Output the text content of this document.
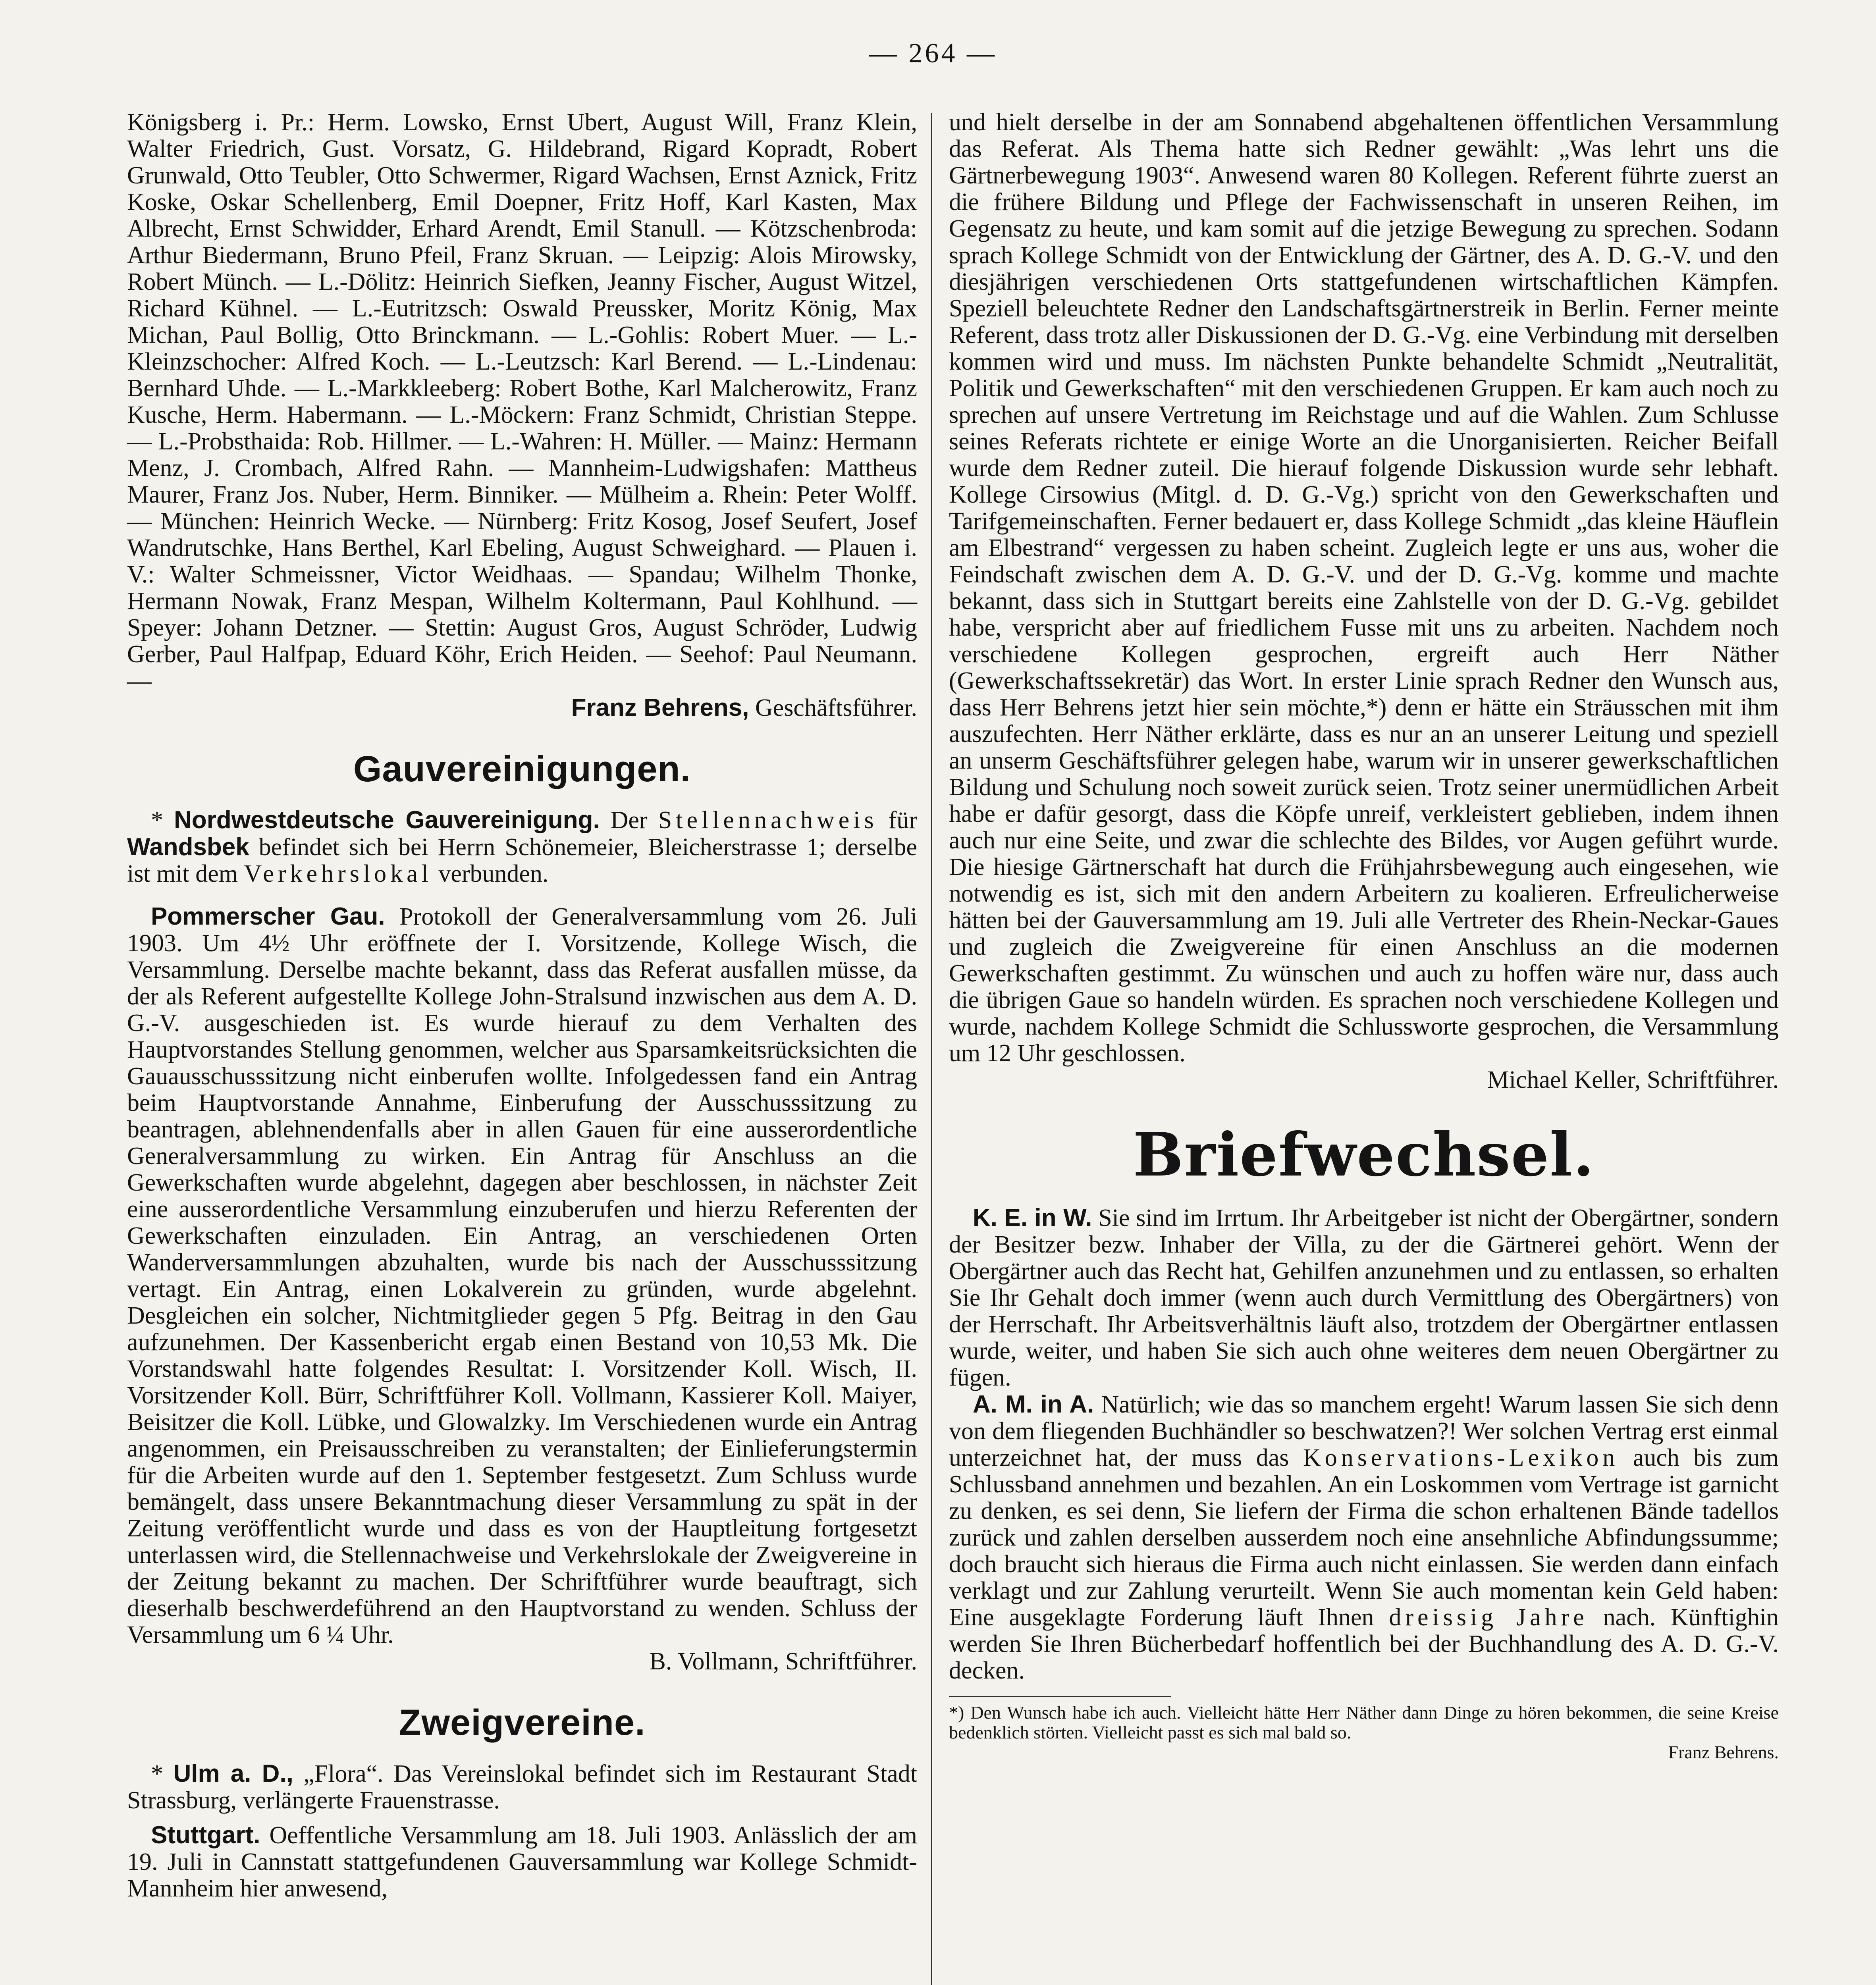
— 264 —

Königsberg i. Pr.: Herm. Lowsko, Ernst Ubert, August Will, Franz Klein, Walter Friedrich, Gust. Vorsatz, G. Hildebrand, Rigard Kopradt, Robert Grunwald, Otto Teubler, Otto Schwermer, Rigard Wachsen, Ernst Aznick, Fritz Koske, Oskar Schellenberg, Emil Doepner, Fritz Hoff, Karl Kasten, Max Albrecht, Ernst Schwidder, Erhard Arendt, Emil Stanull. — Kötzschenbroda: Arthur Biedermann, Bruno Pfeil, Franz Skruan. — Leipzig: Alois Mirowsky, Robert Münch. — L.-Dölitz: Heinrich Siefken, Jeanny Fischer, August Witzel, Richard Kühnel. — L.-Eutritzsch: Oswald Preussker, Moritz König, Max Michan, Paul Bollig, Otto Brinckmann. — L.-Gohlis: Robert Muer. — L.-Kleinzschocher: Alfred Koch. — L.-Leutzsch: Karl Berend. — L.-Lindenau: Bernhard Uhde. — L.-Markkleeberg: Robert Bothe, Karl Malcherowitz, Franz Kusche, Herm. Habermann. — L.-Möckern: Franz Schmidt, Christian Steppe. — L.-Probsthaida: Rob. Hillmer. — L.-Wahren: H. Müller. — Mainz: Hermann Menz, J. Crombach, Alfred Rahn. — Mannheim-Ludwigshafen: Mattheus Maurer, Franz Jos. Nuber, Herm. Binniker. — Mülheim a. Rhein: Peter Wolff. — München: Heinrich Wecke. — Nürnberg: Fritz Kosog, Josef Seufert, Josef Wandrutschke, Hans Berthel, Karl Ebeling, August Schweighard. — Plauen i. V.: Walter Schmeissner, Victor Weidhaas. — Spandau; Wilhelm Thonke, Hermann Nowak, Franz Mespan, Wilhelm Koltermann, Paul Kohlhund. — Speyer: Johann Detzner. — Stettin: August Gros, August Schröder, Ludwig Gerber, Paul Halfpap, Eduard Köhr, Erich Heiden. — Seehof: Paul Neumann. —

Franz Behrens, Geschäftsführer.

Gauvereinigungen.

* Nordwestdeutsche Gauvereinigung. Der Stellennachweis für Wandsbek befindet sich bei Herrn Schönemeier, Bleicherstrasse 1; derselbe ist mit dem Verkehrslokal verbunden.

Pommerscher Gau. Protokoll der Generalversammlung vom 26. Juli 1903. Um 4½ Uhr eröffnete der I. Vorsitzende, Kollege Wisch, die Versammlung. Derselbe machte bekannt, dass das Referat ausfallen müsse, da der als Referent aufgestellte Kollege John-Stralsund inzwischen aus dem A. D. G.-V. ausgeschieden ist. Es wurde hierauf zu dem Verhalten des Hauptvorstandes Stellung genommen, welcher aus Sparsamkeitsrücksichten die Gauausschusssitzung nicht einberufen wollte. Infolgedessen fand ein Antrag beim Hauptvorstande Annahme, Einberufung der Ausschusssitzung zu beantragen, ablehnendenfalls aber in allen Gauen für eine ausserordentliche Generalversammlung zu wirken. Ein Antrag für Anschluss an die Gewerkschaften wurde abgelehnt, dagegen aber beschlossen, in nächster Zeit eine ausserordentliche Versammlung einzuberufen und hierzu Referenten der Gewerkschaften einzuladen. Ein Antrag, an verschiedenen Orten Wanderversammlungen abzuhalten, wurde bis nach der Ausschusssitzung vertagt. Ein Antrag, einen Lokalverein zu gründen, wurde abgelehnt. Desgleichen ein solcher, Nichtmitglieder gegen 5 Pfg. Beitrag in den Gau aufzunehmen. Der Kassenbericht ergab einen Bestand von 10,53 Mk. Die Vorstandswahl hatte folgendes Resultat: I. Vorsitzender Koll. Wisch, II. Vorsitzender Koll. Bürr, Schriftführer Koll. Vollmann, Kassierer Koll. Maiyer, Beisitzer die Koll. Lübke, und Glowalzky. Im Verschiedenen wurde ein Antrag angenommen, ein Preisausschreiben zu veranstalten; der Einlieferungstermin für die Arbeiten wurde auf den 1. September festgesetzt. Zum Schluss wurde bemängelt, dass unsere Bekanntmachung dieser Versammlung zu spät in der Zeitung veröffentlicht wurde und dass es von der Hauptleitung fortgesetzt unterlassen wird, die Stellennachweise und Verkehrslokale der Zweigvereine in der Zeitung bekannt zu machen. Der Schriftführer wurde beauftragt, sich dieserhalb beschwerdeführend an den Hauptvorstand zu wenden. Schluss der Versammlung um 6 ¼ Uhr.

B. Vollmann, Schriftführer.

Zweigvereine.

* Ulm a. D., „Flora“. Das Vereinslokal befindet sich im Restaurant Stadt Strassburg, verlängerte Frauenstrasse.

Stuttgart. Oeffentliche Versammlung am 18. Juli 1903. Anlässlich der am 19. Juli in Cannstatt stattgefundenen Gauversammlung war Kollege Schmidt-Mannheim hier anwesend,

und hielt derselbe in der am Sonnabend abgehaltenen öffentlichen Versammlung das Referat. Als Thema hatte sich Redner gewählt: „Was lehrt uns die Gärtnerbewegung 1903“. Anwesend waren 80 Kollegen. Referent führte zuerst an die frühere Bildung und Pflege der Fachwissenschaft in unseren Reihen, im Gegensatz zu heute, und kam somit auf die jetzige Bewegung zu sprechen. Sodann sprach Kollege Schmidt von der Entwicklung der Gärtner, des A. D. G.-V. und den diesjährigen verschiedenen Orts stattgefundenen wirtschaftlichen Kämpfen. Speziell beleuchtete Redner den Landschaftsgärtnerstreik in Berlin. Ferner meinte Referent, dass trotz aller Diskussionen der D. G.-Vg. eine Verbindung mit derselben kommen wird und muss. Im nächsten Punkte behandelte Schmidt „Neutralität, Politik und Gewerkschaften“ mit den verschiedenen Gruppen. Er kam auch noch zu sprechen auf unsere Vertretung im Reichstage und auf die Wahlen. Zum Schlusse seines Referats richtete er einige Worte an die Unorganisierten. Reicher Beifall wurde dem Redner zuteil. Die hierauf folgende Diskussion wurde sehr lebhaft. Kollege Cirsowius (Mitgl. d. D. G.-Vg.) spricht von den Gewerkschaften und Tarifgemeinschaften. Ferner bedauert er, dass Kollege Schmidt „das kleine Häuflein am Elbestrand“ vergessen zu haben scheint. Zugleich legte er uns aus, woher die Feindschaft zwischen dem A. D. G.-V. und der D. G.-Vg. komme und machte bekannt, dass sich in Stuttgart bereits eine Zahlstelle von der D. G.-Vg. gebildet habe, verspricht aber auf friedlichem Fusse mit uns zu arbeiten. Nachdem noch verschiedene Kollegen gesprochen, ergreift auch Herr Näther (Gewerkschaftssekretär) das Wort. In erster Linie sprach Redner den Wunsch aus, dass Herr Behrens jetzt hier sein möchte,*) denn er hätte ein Sträusschen mit ihm auszufechten. Herr Näther erklärte, dass es nur an an unserer Leitung und speziell an unserm Geschäftsführer gelegen habe, warum wir in unserer gewerkschaftlichen Bildung und Schulung noch soweit zurück seien. Trotz seiner unermüdlichen Arbeit habe er dafür gesorgt, dass die Köpfe unreif, verkleistert geblieben, indem ihnen auch nur eine Seite, und zwar die schlechte des Bildes, vor Augen geführt wurde. Die hiesige Gärtnerschaft hat durch die Frühjahrsbewegung auch eingesehen, wie notwendig es ist, sich mit den andern Arbeitern zu koalieren. Erfreulicherweise hätten bei der Gauversammlung am 19. Juli alle Vertreter des Rhein-Neckar-Gaues und zugleich die Zweigvereine für einen Anschluss an die modernen Gewerkschaften gestimmt. Zu wünschen und auch zu hoffen wäre nur, dass auch die übrigen Gaue so handeln würden. Es sprachen noch verschiedene Kollegen und wurde, nachdem Kollege Schmidt die Schlussworte gesprochen, die Versammlung um 12 Uhr geschlossen.

Michael Keller, Schriftführer.

Briefwechsel.

K. E. in W. Sie sind im Irrtum. Ihr Arbeitgeber ist nicht der Obergärtner, sondern der Besitzer bezw. Inhaber der Villa, zu der die Gärtnerei gehört. Wenn der Obergärtner auch das Recht hat, Gehilfen anzunehmen und zu entlassen, so erhalten Sie Ihr Gehalt doch immer (wenn auch durch Vermittlung des Obergärtners) von der Herrschaft. Ihr Arbeitsverhältnis läuft also, trotzdem der Obergärtner entlassen wurde, weiter, und haben Sie sich auch ohne weiteres dem neuen Obergärtner zu fügen.

A. M. in A. Natürlich; wie das so manchem ergeht! Warum lassen Sie sich denn von dem fliegenden Buchhändler so beschwatzen?! Wer solchen Vertrag erst einmal unterzeichnet hat, der muss das Konservations-Lexikon auch bis zum Schlussband annehmen und bezahlen. An ein Loskommen vom Vertrage ist garnicht zu denken, es sei denn, Sie liefern der Firma die schon erhaltenen Bände tadellos zurück und zahlen derselben ausserdem noch eine ansehnliche Abfindungssumme; doch braucht sich hieraus die Firma auch nicht einlassen. Sie werden dann einfach verklagt und zur Zahlung verurteilt. Wenn Sie auch momentan kein Geld haben: Eine ausgeklagte Forderung läuft Ihnen dreissig Jahre nach. Künftighin werden Sie Ihren Bücherbedarf hoffentlich bei der Buchhandlung des A. D. G.-V. decken.

*) Den Wunsch habe ich auch. Vielleicht hätte Herr Näther dann Dinge zu hören bekommen, die seine Kreise bedenklich störten. Vielleicht passt es sich mal bald so.

Franz Behrens.
